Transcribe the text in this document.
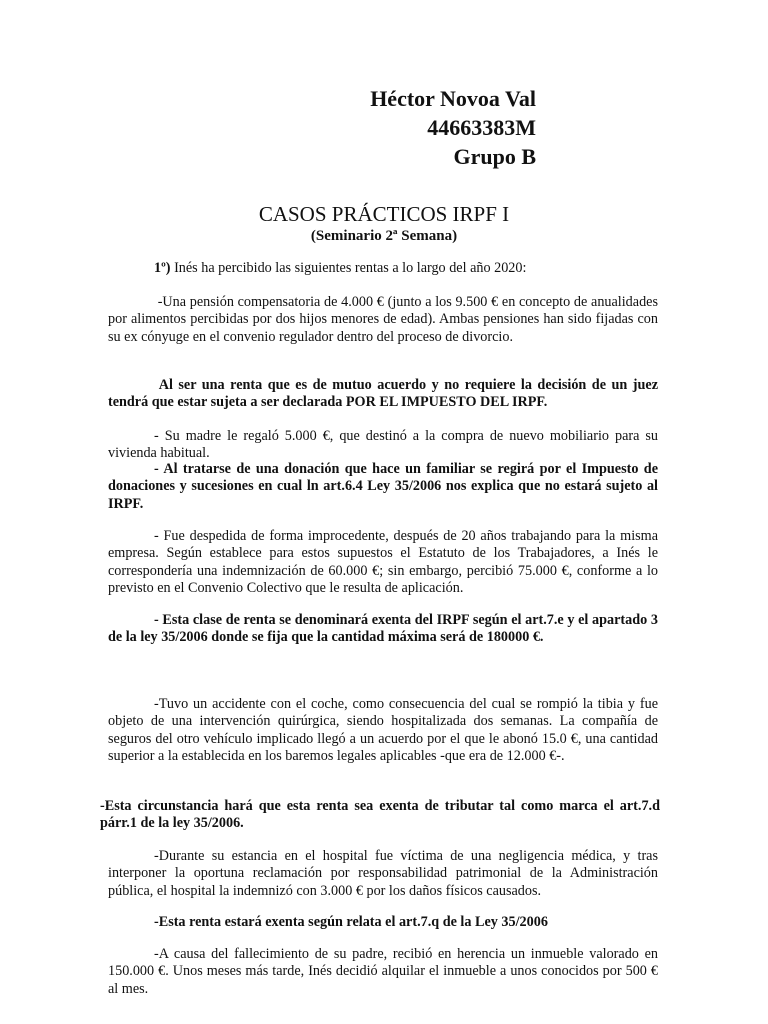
Héctor Novoa Val
44663383M
Grupo B
CASOS PRÁCTICOS IRPF I
(Seminario 2ª Semana)

1º) Inés ha percibido las siguientes rentas a lo largo del año 2020:

-Una pensión compensatoria de 4.000 € (junto a los 9.500 € en concepto de anualidades por alimentos percibidas por dos hijos menores de edad). Ambas pensiones han sido fijadas con su ex cónyuge en el convenio regulador dentro del proceso de divorcio.

Al ser una renta que es de mutuo acuerdo y no requiere la decisión de un juez tendrá que estar sujeta a ser declarada POR EL IMPUESTO DEL IRPF.

- Su madre le regaló 5.000 €, que destinó a la compra de nuevo mobiliario para su vivienda habitual.

- Al tratarse de una donación que hace un familiar se regirá por el Impuesto de donaciones y sucesiones en cual ln art.6.4 Ley 35/2006 nos explica que no estará sujeto al IRPF.

- Fue despedida de forma improcedente, después de 20 años trabajando para la misma empresa. Según establece para estos supuestos el Estatuto de los Trabajadores, a Inés le correspondería una indemnización de 60.000 €; sin embargo, percibió 75.000 €, conforme a lo previsto en el Convenio Colectivo que le resulta de aplicación.

- Esta clase de renta se denominará exenta del IRPF según el art.7.e y el apartado 3 de la ley 35/2006 donde se fija que la cantidad máxima será de 180000 €.

-Tuvo un accidente con el coche, como consecuencia del cual se rompió la tibia y fue objeto de una intervención quirúrgica, siendo hospitalizada dos semanas. La compañía de seguros del otro vehículo implicado llegó a un acuerdo por el que le abonó 15.0 €, una cantidad superior a la establecida en los baremos legales aplicables -que era de 12.000 €-.

-Esta circunstancia hará que esta renta sea exenta de tributar tal como marca el art.7.d párr.1 de la ley 35/2006.

-Durante su estancia en el hospital fue víctima de una negligencia médica, y tras interponer la oportuna reclamación por responsabilidad patrimonial de la Administración pública, el hospital la indemnizó con 3.000 € por los daños físicos causados.

-Esta renta estará exenta según relata el art.7.q de la Ley 35/2006

-A causa del fallecimiento de su padre, recibió en herencia un inmueble valorado en 150.000 €. Unos meses más tarde, Inés decidió alquilar el inmueble a unos conocidos por 500 € al mes.
